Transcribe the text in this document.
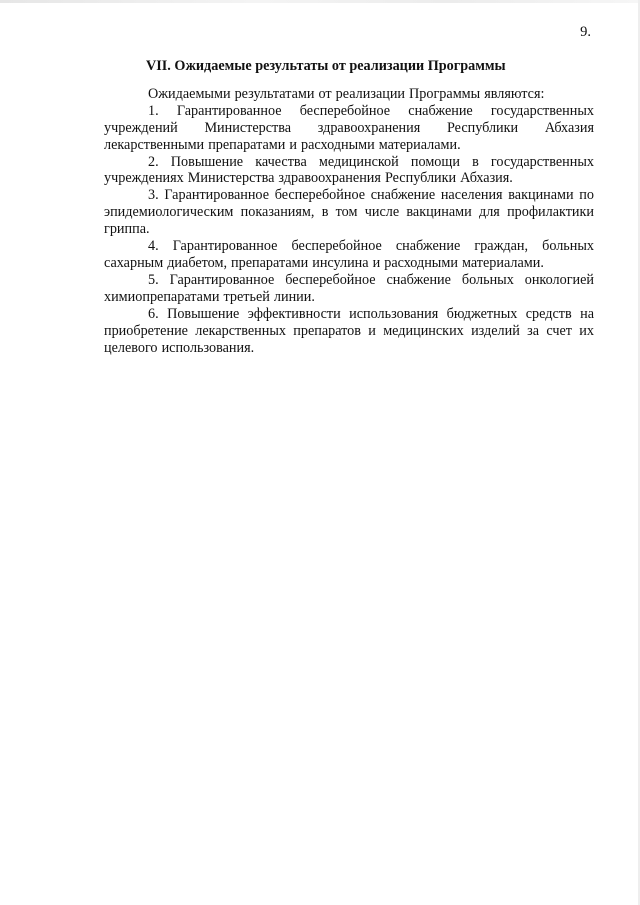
9.
VII. Ожидаемые результаты от реализации Программы

Ожидаемыми результатами от реализации Программы являются:

1. Гарантированное бесперебойное снабжение государственных учреждений Министерства здравоохранения Республики Абхазия лекарственными препаратами и расходными материалами.

2. Повышение качества медицинской помощи в государственных учреждениях Министерства здравоохранения Республики Абхазия.

3. Гарантированное бесперебойное снабжение населения вакцинами по эпидемиологическим показаниям, в том числе вакцинами для профилактики гриппа.

4. Гарантированное бесперебойное снабжение граждан, больных сахарным диабетом, препаратами инсулина и расходными материалами.

5. Гарантированное бесперебойное снабжение больных онкологией химиопрепаратами третьей линии.

6. Повышение эффективности использования бюджетных средств на приобретение лекарственных препаратов и медицинских изделий за счет их целевого использования.
